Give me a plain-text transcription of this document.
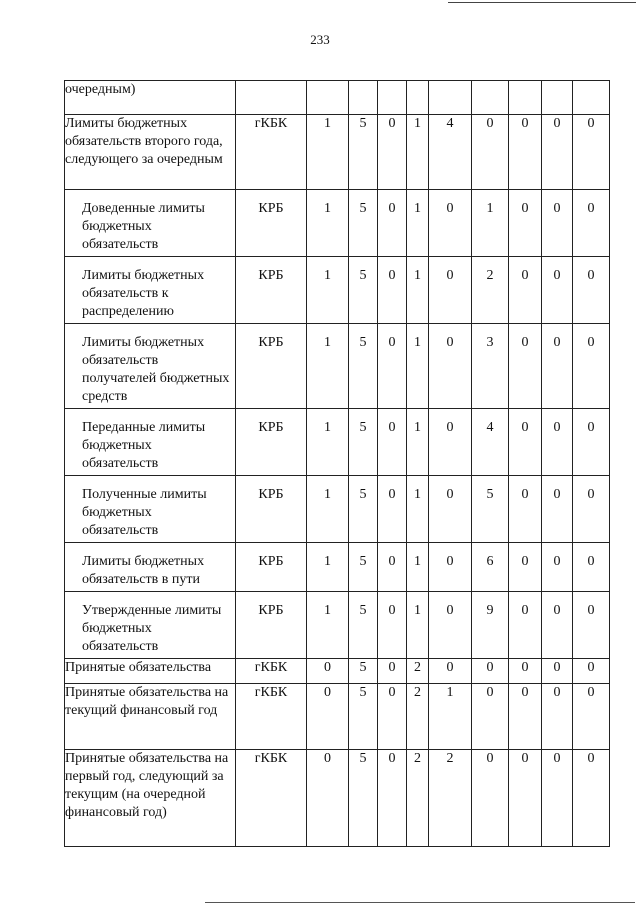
233
очередным)											
Лимиты бюджетных обязательств второго года, следующего за очередным	гКБК	1	5	0	1	4	0	0	0	0	
Доведенные лимиты бюджетных обязательств	КРБ	1	5	0	1	0	1	0	0	0	
Лимиты бюджетных обязательств к распределению	КРБ	1	5	0	1	0	2	0	0	0	
Лимиты бюджетных обязательств получателей бюджетных средств	КРБ	1	5	0	1	0	3	0	0	0	
Переданные лимиты бюджетных обязательств	КРБ	1	5	0	1	0	4	0	0	0	
Полученные лимиты бюджетных обязательств	КРБ	1	5	0	1	0	5	0	0	0	
Лимиты бюджетных обязательств в пути	КРБ	1	5	0	1	0	6	0	0	0	
Утвержденные лимиты бюджетных обязательств	КРБ	1	5	0	1	0	9	0	0	0	
Принятые обязательства	гКБК	0	5	0	2	0	0	0	0	0	
Принятые обязательства на текущий финансовый год	гКБК	0	5	0	2	1	0	0	0	0	
Принятые обязательства на первый год, следующий за текущим (на очередной финансовый год)	гКБК	0	5	0	2	2	0	0	0	0	
